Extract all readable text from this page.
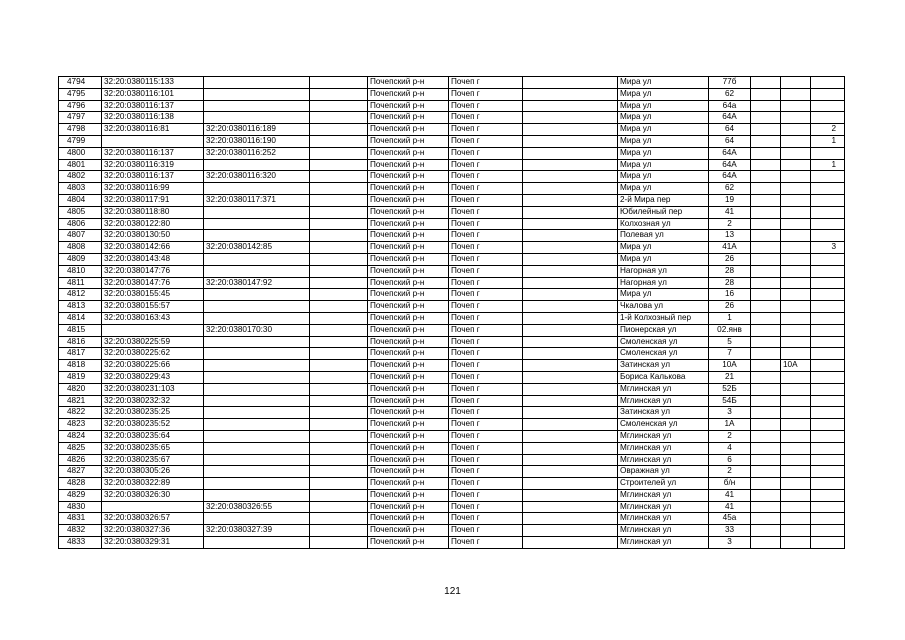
4794	32:20:0380115:133			Почепский р-н	Почеп г		Мира ул	77б			
4795	32:20:0380116:101			Почепский р-н	Почеп г		Мира ул	62			
4796	32:20:0380116:137			Почепский р-н	Почеп г		Мира ул	64а			
4797	32:20:0380116:138			Почепский р-н	Почеп г		Мира ул	64А			
4798	32:20:0380116:81	32:20:0380116:189		Почепский р-н	Почеп г		Мира ул	64			2
4799		32:20:0380116:190		Почепский р-н	Почеп г		Мира ул	64			1
4800	32:20:0380116:137	32:20:0380116:252		Почепский р-н	Почеп г		Мира ул	64А			
4801	32:20:0380116:319			Почепский р-н	Почеп г		Мира ул	64А			1
4802	32:20:0380116:137	32:20:0380116:320		Почепский р-н	Почеп г		Мира ул	64А			
4803	32:20:0380116:99			Почепский р-н	Почеп г		Мира ул	62			
4804	32:20:0380117:91	32:20:0380117:371		Почепский р-н	Почеп г		2-й Мира пер	19			
4805	32:20:0380118:80			Почепский р-н	Почеп г		Юбилейный пер	41			
4806	32:20:0380122:80			Почепский р-н	Почеп г		Колхозная ул	2			
4807	32:20:0380130:50			Почепский р-н	Почеп г		Полевая ул	13			
4808	32:20:0380142:66	32:20:0380142:85		Почепский р-н	Почеп г		Мира ул	41А			3
4809	32:20:0380143:48			Почепский р-н	Почеп г		Мира ул	26			
4810	32:20:0380147:76			Почепский р-н	Почеп г		Нагорная ул	28			
4811	32:20:0380147:76	32:20:0380147:92		Почепский р-н	Почеп г		Нагорная ул	28			
4812	32:20:0380155:45			Почепский р-н	Почеп г		Мира ул	16			
4813	32:20:0380155:57			Почепский р-н	Почеп г		Чкалова ул	26			
4814	32:20:0380163:43			Почепский р-н	Почеп г		1-й Колхозный пер	1			
4815		32:20:0380170:30		Почепский р-н	Почеп г		Пионерская ул	02.янв			
4816	32:20:0380225:59			Почепский р-н	Почеп г		Смоленская ул	5			
4817	32:20:0380225:62			Почепский р-н	Почеп г		Смоленская ул	7			
4818	32:20:0380225:66			Почепский р-н	Почеп г		Затинская ул	10А		10А	
4819	32:20:0380229:43			Почепский р-н	Почеп г		Бориса Калькова	21			
4820	32:20:0380231:103			Почепский р-н	Почеп г		Мглинская ул	52Б			
4821	32:20:0380232:32			Почепский р-н	Почеп г		Мглинская ул	54Б			
4822	32:20:0380235:25			Почепский р-н	Почеп г		Затинская ул	3			
4823	32:20:0380235:52			Почепский р-н	Почеп г		Смоленская ул	1А			
4824	32:20:0380235:64			Почепский р-н	Почеп г		Мглинская ул	2			
4825	32:20:0380235:65			Почепский р-н	Почеп г		Мглинская ул	4			
4826	32:20:0380235:67			Почепский р-н	Почеп г		Мглинская ул	6			
4827	32:20:0380305:26			Почепский р-н	Почеп г		Овражная ул	2			
4828	32:20:0380322:89			Почепский р-н	Почеп г		Строителей ул	б/н			
4829	32:20:0380326:30			Почепский р-н	Почеп г		Мглинская ул	41			
4830		32:20:0380326:55		Почепский р-н	Почеп г		Мглинская ул	41			
4831	32:20:0380326:57			Почепский р-н	Почеп г		Мглинская ул	45а			
4832	32:20:0380327:36	32:20:0380327:39		Почепский р-н	Почеп г		Мглинская ул	33			
4833	32:20:0380329:31			Почепский р-н	Почеп г		Мглинская ул	3			
121
